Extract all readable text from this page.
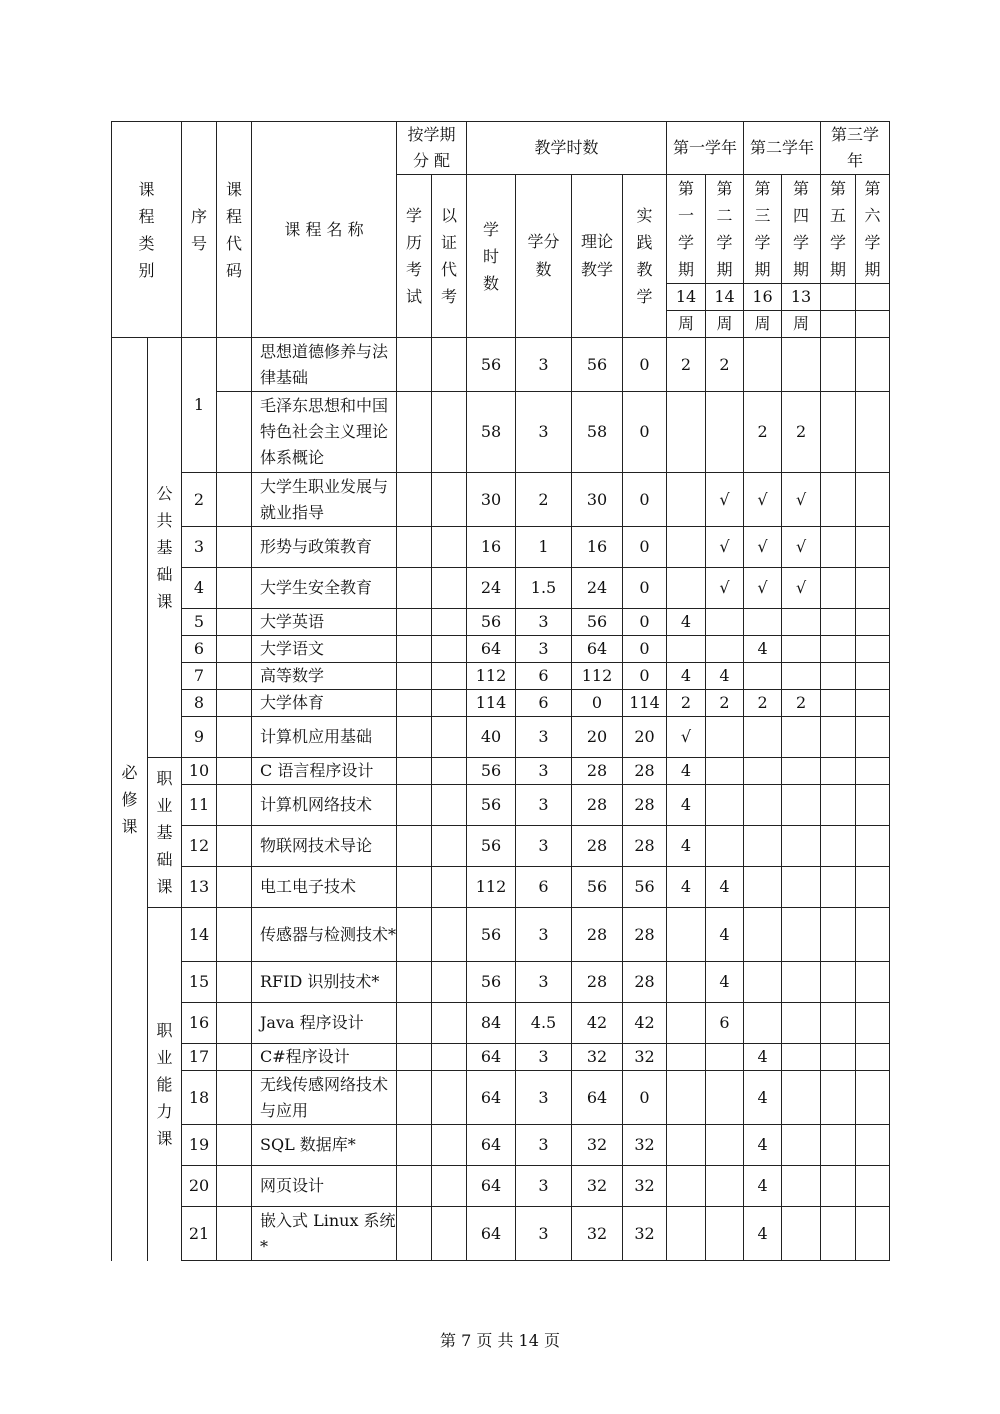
课程类别		序号	课程代码	课 程 名 称	按学期分 配		教学时数				第一学年		第二学年		第三学年	
					学历考试	以证代考	学时数	学分数	理论教学	实践教学	第一学期	第二学期	第三学期	第四学期	第五学期	第六学期
											14	14	16	13		
											周	周	周	周		
必修课	公共基础课	1		思想道德修养与法律基础			56	3	56	0	2	2				
				毛泽东思想和中国特色社会主义理论体系概论			58	3	58	0			2	2		
		2		大学生职业发展与就业指导			30	2	30	0		√	√	√		
		3		形势与政策教育			16	1	16	0		√	√	√		
		4		大学生安全教育			24	1.5	24	0		√	√	√		
		5		大学英语			56	3	56	0	4					
		6		大学语文			64	3	64	0			4			
		7		高等数学			112	6	112	0	4	4				
		8		大学体育			114	6	0	114	2	2	2	2		
		9		计算机应用基础			40	3	20	20	√					
	职业基础课	10		C 语言程序设计			56	3	28	28	4					
		11		计算机网络技术			56	3	28	28	4					
		12		物联网技术导论			56	3	28	28	4					
		13		电工电子技术			112	6	56	56	4	4				
	职业能力课	14		传感器与检测技术*			56	3	28	28		4				
		15		RFID 识别技术*			56	3	28	28		4				
		16		Java 程序设计			84	4.5	42	42		6				
		17		C#程序设计			64	3	32	32			4			
		18		无线传感网络技术与应用			64	3	64	0			4			
		19		SQL 数据库*			64	3	32	32			4			
		20		网页设计			64	3	32	32			4			
		21		嵌入式 Linux 系统*			64	3	32	32			4			
第 7 页 共 14 页
